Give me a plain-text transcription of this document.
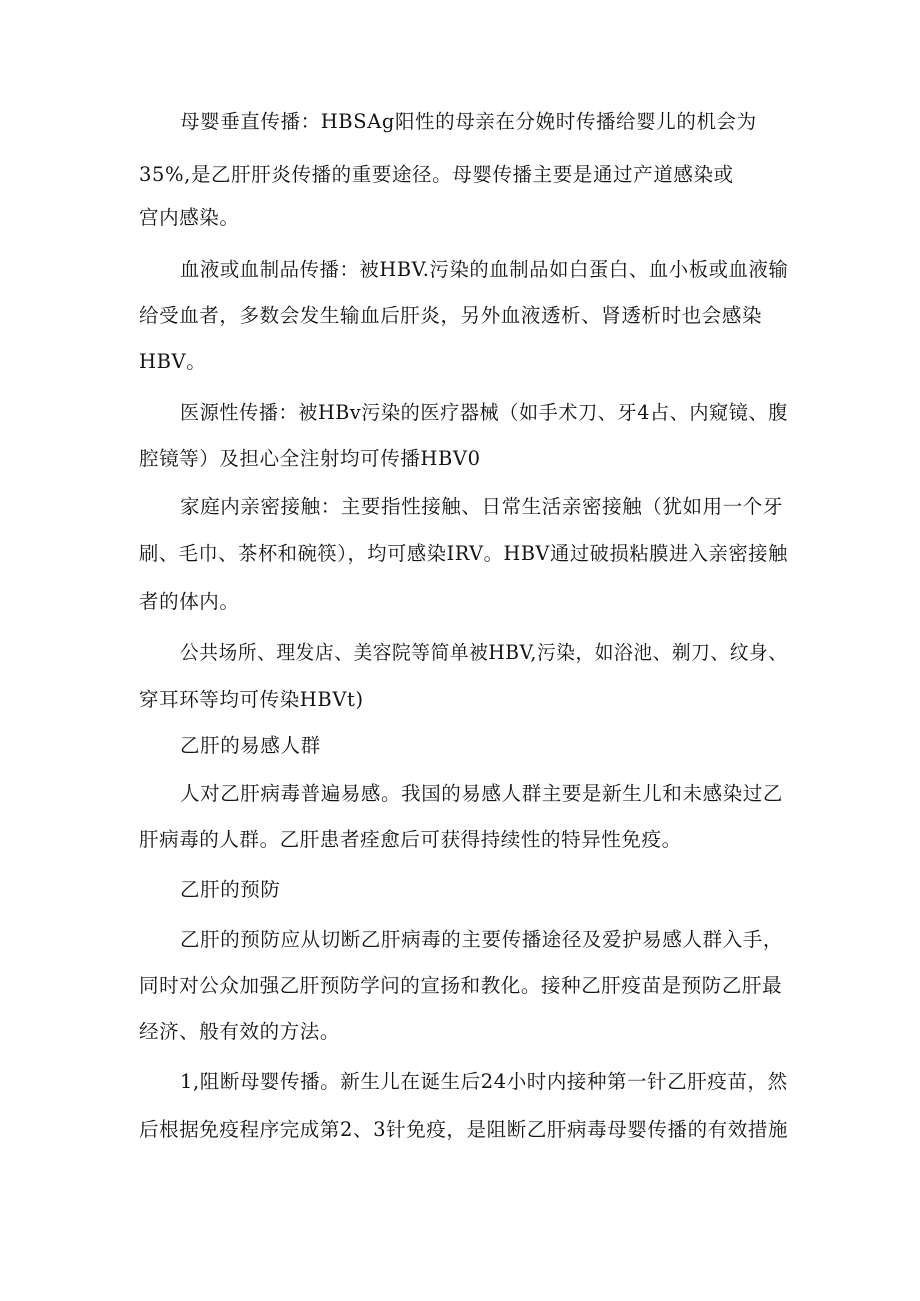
母婴垂直传播：HBSAg阳性的母亲在分娩时传播给婴儿的机会为
35%,是乙肝肝炎传播的重要途径。母婴传播主要是通过产道感染或
宫内感染。
血液或血制品传播：被HBV.污染的血制品如白蛋白、血小板或血液输
给受血者，多数会发生输血后肝炎，另外血液透析、肾透析时也会感染
HBV。
医源性传播：被HBv污染的医疗器械（如手术刀、牙4占、内窥镜、腹
腔镜等）及担心全注射均可传播HBV0
家庭内亲密接触：主要指性接触、日常生活亲密接触（犹如用一个牙
刷、毛巾、茶杯和碗筷），均可感染IRV。HBV通过破损粘膜进入亲密接触
者的体内。
公共场所、理发店、美容院等简单被HBV,污染，如浴池、剃刀、纹身、
穿耳环等均可传染HBVt)
乙肝的易感人群
人对乙肝病毒普遍易感。我国的易感人群主要是新生儿和未感染过乙
肝病毒的人群。乙肝患者痊愈后可获得持续性的特异性免疫。
乙肝的预防
乙肝的预防应从切断乙肝病毒的主要传播途径及爱护易感人群入手，
同时对公众加强乙肝预防学问的宣扬和教化。接种乙肝疫苗是预防乙肝最
经济、般有效的方法。
1,阻断母婴传播。新生儿在诞生后24小时内接种第一针乙肝疫苗，然
后根据免疫程序完成第2、3针免疫，是阻断乙肝病毒母婴传播的有效措施
